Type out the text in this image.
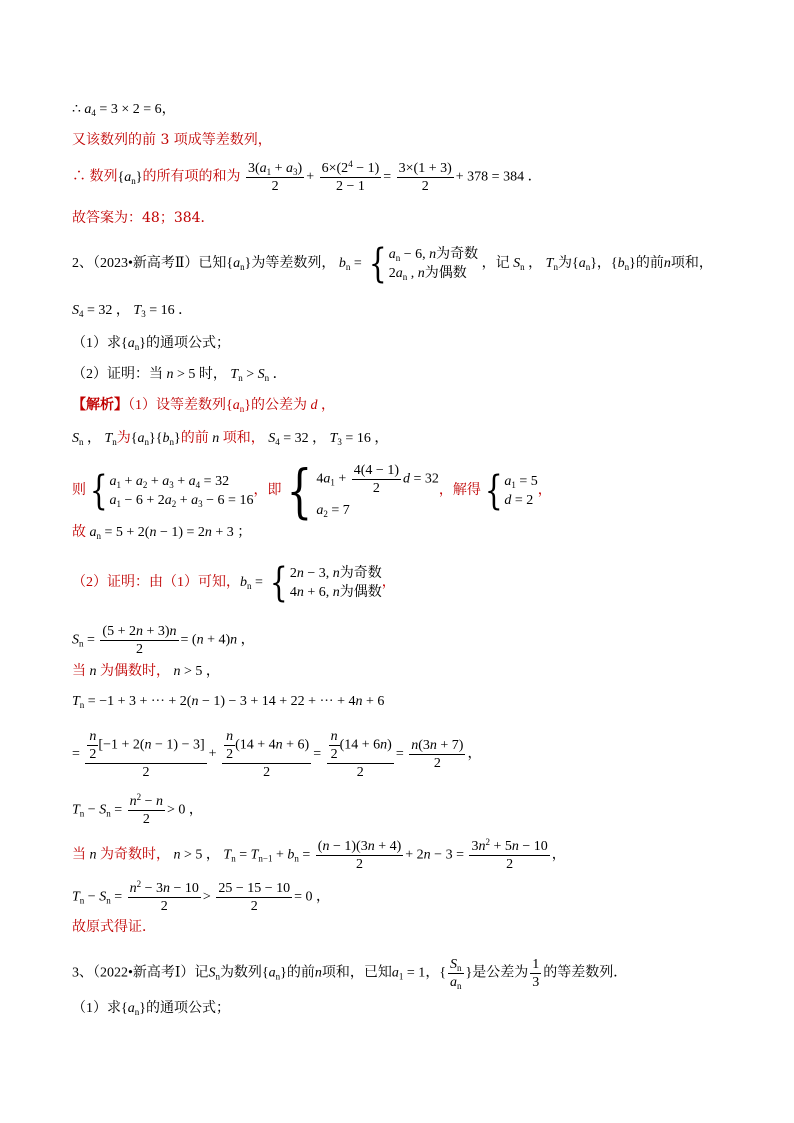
∴ $a_4 = 3 \times 2 = 6$，
又该数列的前 3 项成等差数列，
∴ 数列$\{a_n\}$的所有项的和为 $\frac{3(a_1 + a_3)}{2} + \frac{6\times(2^4 - 1)}{2 - 1} = \frac{3\times(1 + 3)}{2} + 378 = 384$ ．
故答案为：48；384．
2、（2023•新高考Ⅱ）已知$\{a_n\}$为等差数列， $b_n$ = { $a_n - 6$, n为奇数
$2a_n$ , n为偶数
，记 $S_n$ ， $T_n$为$\{a_n\}$，$\{b_n\}$的前n项和，
$S_4 = 32$ ， $T_3 = 16$ ．
（1）求$\{a_n\}$的通项公式；
（2）证明：当 n > 5 时， $T_n > S_n$ ．
【解析】（1）设等差数列$\{a_n\}$的公差为 d ，
$S_n$ ， $T_n$为$\{a_n\}\{b_n\}$的前 n 项和， $S_4 = 32$ ， $T_3 = 16$ ，
则 { $a_1 + a_2 + a_3 + a_4 = 32$
$a_1 - 6 + 2a_2 + a_3 - 6 = 16$
，即 { $4a_1 + \frac{4(4 - 1)}{2}$ d = 32
$a_2 = 7$
，解得 { $a_1 = 5$
d = 2
，
故 $a_n = 5 + 2(n - 1) = 2n + 3$ ；
（2）证明：由（1）可知，$b_n$ = { 2n − 3, n为奇数
4n + 6, n为偶数
，
$S_n = \frac{(5 + 2n + 3)n}{2} = (n + 4)n$ ，
当 n 为偶数时， n > 5 ，
$T_n = -1 + 3$ + ··· + 2(n − 1) − 3 + 14 + 22 + ··· + 4n + 6
= $\frac{\frac{n}{2} [-1 + 2(n - 1) - 3]}{2} + \frac{\frac{n}{2} (14 + 4n + 6)}{2} = \frac{\frac{n}{2} (14 + 6n)}{2} = \frac{n(3n + 7)}{2}$ ，
$T_n - S_n = \frac{n^2 - n}{2} > 0$ ，
当 n 为奇数时， n > 5 ， $T_n = T_{n-1} + b_n = \frac{(n - 1)(3n + 4)}{2} + 2n - 3 = \frac{3n^2 + 5n - 10}{2}$ ，
$T_n - S_n = \frac{n^2 - 3n - 10}{2} > \frac{25 - 15 - 10}{2} = 0$ ，
故原式得证．
3、（2022•新高考Ⅰ）记$S_n$为数列$\{a_n\}$的前n项和，已知$a_1 = 1$，{ $\frac{S_n}{a_n}$ }是公差为 $\frac{1}{3}$ 的等差数列．
（1）求$\{a_n\}$的通项公式；
